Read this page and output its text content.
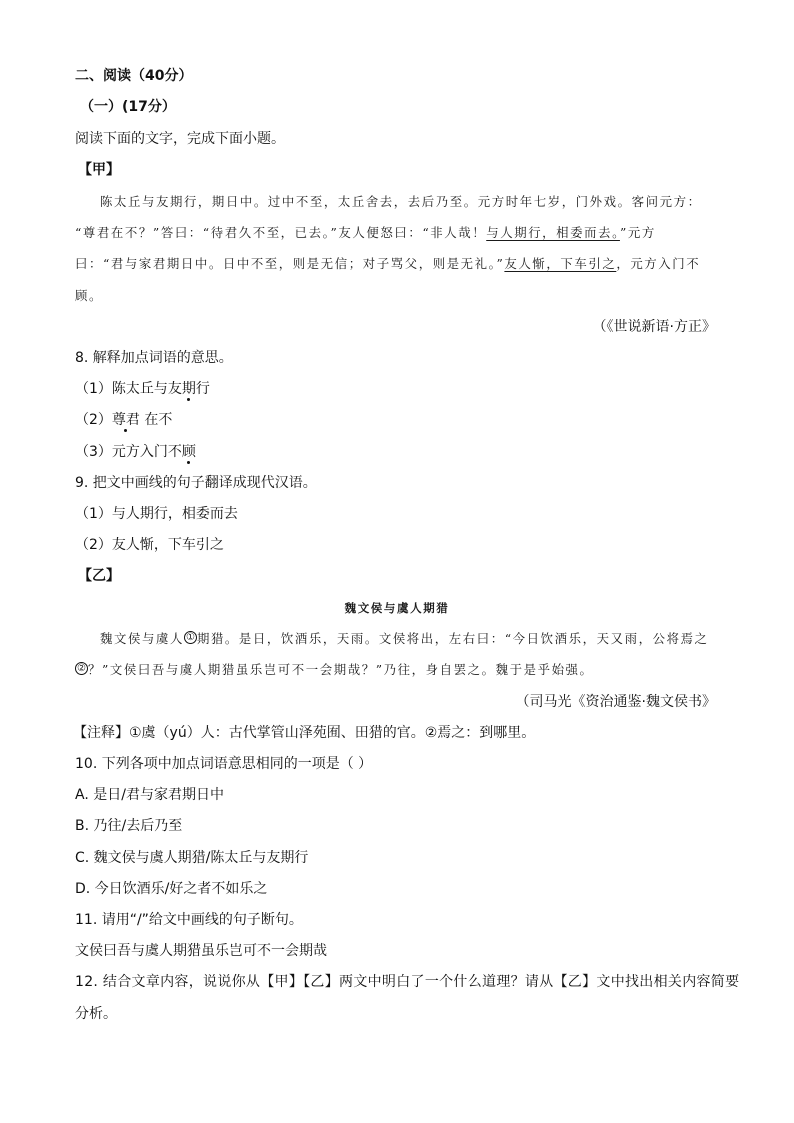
二、阅读（40分）
（一）(17分）
阅读下面的文字，完成下面小题。
【甲】
陈太丘与友期行，期日中。过中不至，太丘舍去，去后乃至。元方时年七岁，门外戏。客问元方：
“尊君在不？”答曰：“待君久不至，已去。”友人便怒曰：“非人哉！与人期行，相委而去。”元方
曰：“君与家君期日中。日中不至，则是无信；对子骂父，则是无礼。”友人惭，下车引之，元方入门不
顾。
（《世说新语·方正》
8. 解释加点词语的意思。
（1）陈太丘与友期行
（2）尊君 在不
（3）元方入门不顾
9. 把文中画线的句子翻译成现代汉语。
（1）与人期行，相委而去
（2）友人惭，下车引之
【乙】
魏文侯与虞人期猎
魏文侯与虞人 ① 期猎。是日，饮酒乐，天雨。文侯将出，左右曰：“今日饮酒乐，天又雨，公将焉之
② ？”文侯曰吾与虞人期猎虽乐岂可不一会期哉？”乃往，身自罢之。魏于是乎始强。
（司马光《资治通鉴·魏文侯书》
【注释】①虞（yú）人：古代掌管山泽苑囿、田猎的官。②焉之：到哪里。
10. 下列各项中加点词语意思相同的一项是（ ）
A. 是日/君与家君期日中
B. 乃往/去后乃至
C. 魏文侯与虞人期猎/陈太丘与友期行
D. 今日饮酒乐/好之者不如乐之
11. 请用“/”给文中画线的句子断句。
文侯曰吾与虞人期猎虽乐岂可不一会期哉
12. 结合文章内容，说说你从【甲】【乙】两文中明白了一个什么道理？请从【乙】文中找出相关内容简要
分析。
